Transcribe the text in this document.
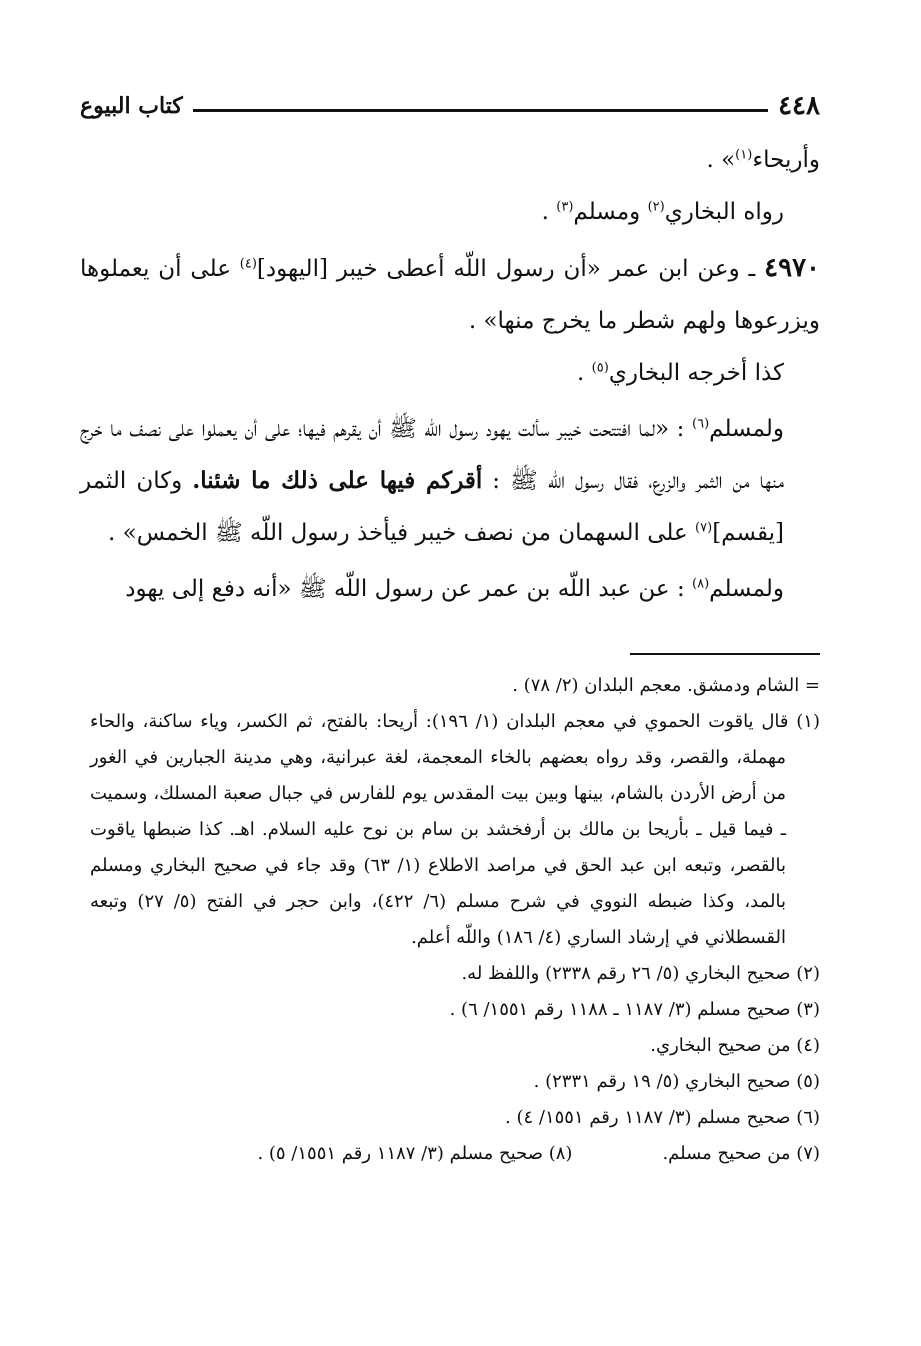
٤٤٨
كتاب البيوع

وأريحاء$^{(١)}$» .

رواه البخاري$^{(٢)}$ ومسلم$^{(٣)}$ .

٤٩٧٠ ـ وعن ابن عمر «أن رسول اللّه أعطى خيبر [اليهود]$^{(٤)}$ على أن يعملوها ويزرعوها ولهم شطر ما يخرج منها» .

كذا أخرجه البخاري$^{(٥)}$ .

ولمسلم$^{(٦)}$ : «لما افتتحت خيبر سألت يهود رسول اللّه ﷺ أن يقرهم فيها؛ على أن يعملوا على نصف ما خرج منها من الثمر والزرع، فقال رسول اللّه ﷺ : أقركم فيها على ذلك ما شئنا. وكان الثمر [يقسم]$^{(٧)}$ على السهمان من نصف خيبر فيأخذ رسول اللّه ﷺ الخمس» .

ولمسلم$^{(٨)}$ : عن عبد اللّه بن عمر عن رسول اللّه ﷺ «أنه دفع إلى يهود

= الشام ودمشق. معجم البلدان (٢/ ٧٨) .

(١) قال ياقوت الحموي في معجم البلدان (١/ ١٩٦): أريحا: بالفتح، ثم الكسر، وياء ساكنة، والحاء مهملة، والقصر، وقد رواه بعضهم بالخاء المعجمة، لغة عبرانية، وهي مدينة الجبارين في الغور من أرض الأردن بالشام، بينها وبين بيت المقدس يوم للفارس في جبال صعبة المسلك، وسميت ـ فيما قيل ـ بأريحا بن مالك بن أرفخشد بن سام بن نوح عليه السلام. اهـ. كذا ضبطها ياقوت بالقصر، وتبعه ابن عبد الحق في مراصد الاطلاع (١/ ٦٣) وقد جاء في صحيح البخاري ومسلم بالمد، وكذا ضبطه النووي في شرح مسلم (٦/ ٤٢٢)، وابن حجر في الفتح (٥/ ٢٧) وتبعه القسطلاني في إرشاد الساري (٤/ ١٨٦) واللّه أعلم.

(٢) صحيح البخاري (٥/ ٢٦ رقم ٢٣٣٨) واللفظ له.

(٣) صحيح مسلم (٣/ ١١٨٧ ـ ١١٨٨ رقم ١٥٥١/ ٦) .

(٤) من صحيح البخاري.

(٥) صحيح البخاري (٥/ ١٩ رقم ٢٣٣١) .

(٦) صحيح مسلم (٣/ ١١٨٧ رقم ١٥٥١/ ٤) .

(٧) من صحيح مسلم.
(٨) صحيح مسلم (٣/ ١١٨٧ رقم ١٥٥١/ ٥) .
